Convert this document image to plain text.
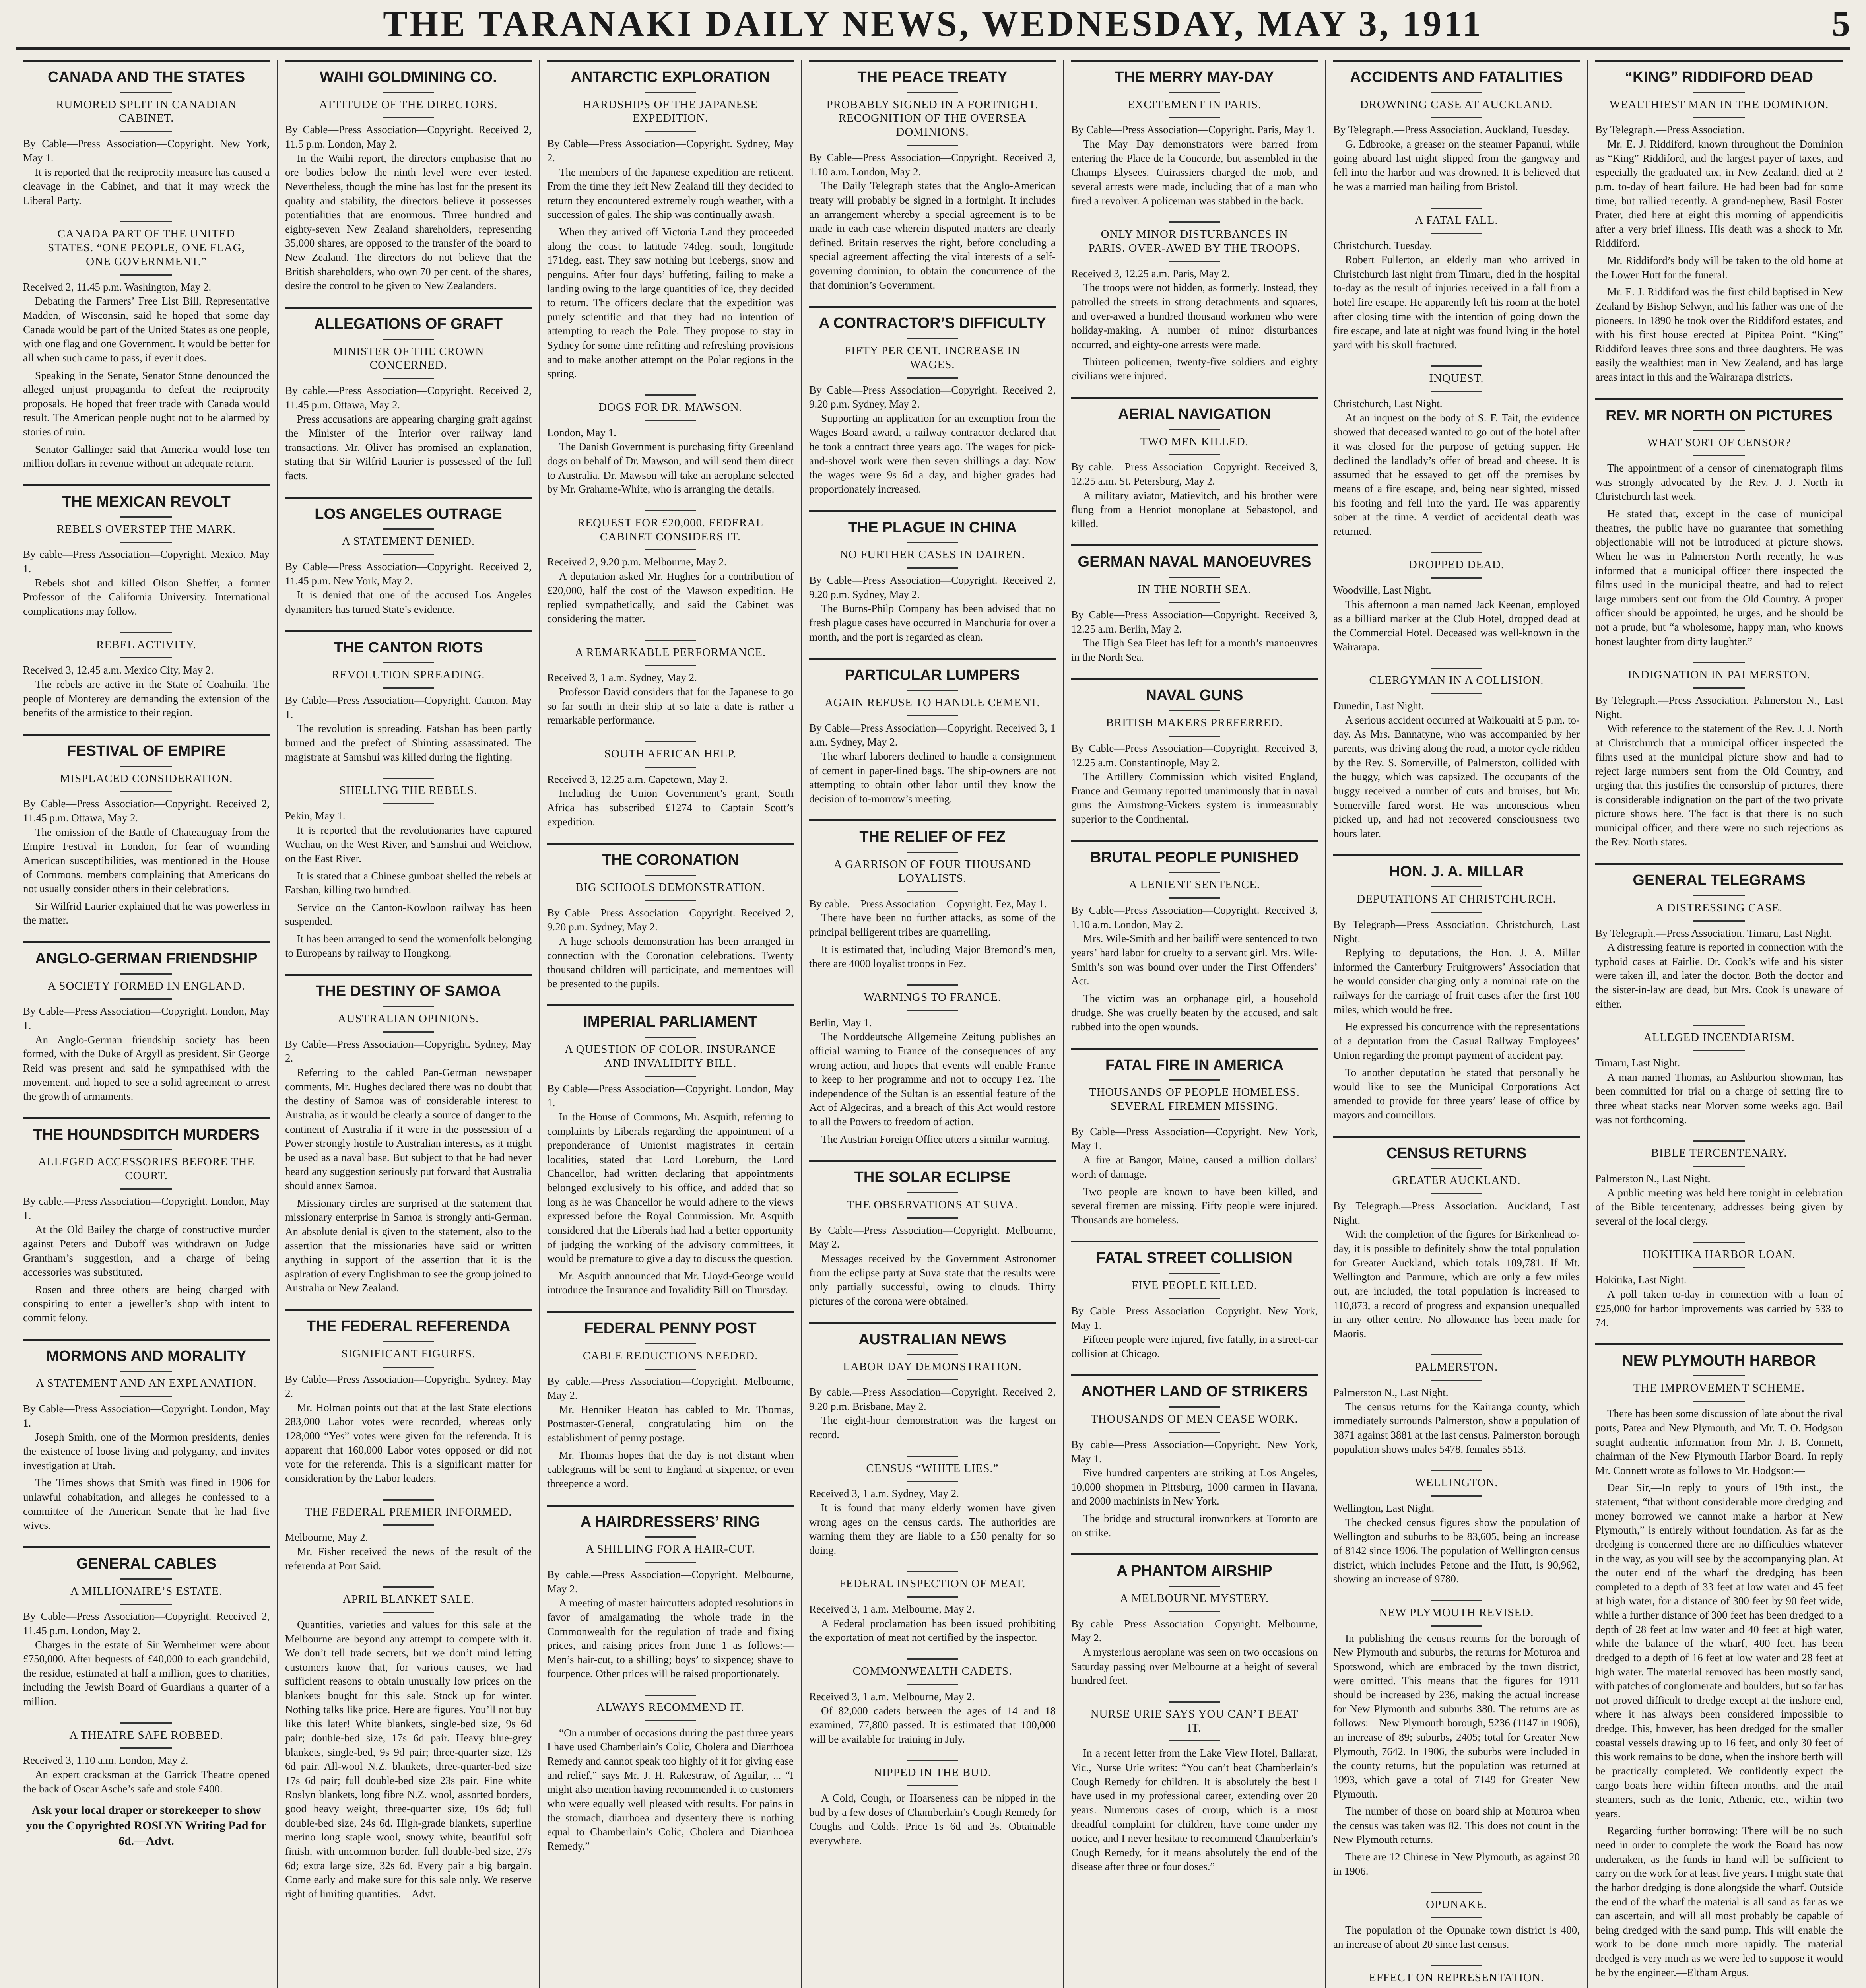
THE TARANAKI DAILY NEWS, WEDNESDAY, MAY 3, 1911	5
CANADA AND THE STATES
RUMORED SPLIT IN CANADIAN CABINET.
By Cable—Press Association—Copyright. New York, May 1.

It is reported that the reciprocity measure has caused a cleavage in the Cabinet, and that it may wreck the Liberal Party.

CANADA PART OF THE UNITED STATES. “ONE PEOPLE, ONE FLAG, ONE GOVERNMENT.”
Received 2, 11.45 p.m. Washington, May 2.

Debating the Farmers’ Free List Bill, Representative Madden, of Wisconsin, said he hoped that some day Canada would be part of the United States as one people, with one flag and one Government. It would be better for all when such came to pass, if ever it does.

Speaking in the Senate, Senator Stone denounced the alleged unjust propaganda to defeat the reciprocity proposals. He hoped that freer trade with Canada would result. The American people ought not to be alarmed by stories of ruin.

Senator Gallinger said that America would lose ten million dollars in revenue without an adequate return.

THE MEXICAN REVOLT
REBELS OVERSTEP THE MARK.
By cable—Press Association—Copyright. Mexico, May 1.

Rebels shot and killed Olson Sheffer, a former Professor of the California University. International complications may follow.

REBEL ACTIVITY.
Received 3, 12.45 a.m. Mexico City, May 2.

The rebels are active in the State of Coahuila. The people of Monterey are demanding the extension of the benefits of the armistice to their region.

FESTIVAL OF EMPIRE
MISPLACED CONSIDERATION.
By Cable—Press Association—Copyright. Received 2, 11.45 p.m. Ottawa, May 2.

The omission of the Battle of Chateauguay from the Empire Festival in London, for fear of wounding American susceptibilities, was mentioned in the House of Commons, members complaining that Americans do not usually consider others in their celebrations.

Sir Wilfrid Laurier explained that he was powerless in the matter.

ANGLO-GERMAN FRIENDSHIP
A SOCIETY FORMED IN ENGLAND.
By Cable—Press Association—Copyright. London, May 1.

An Anglo-German friendship society has been formed, with the Duke of Argyll as president. Sir George Reid was present and said he sympathised with the movement, and hoped to see a solid agreement to arrest the growth of armaments.

THE HOUNDSDITCH MURDERS
ALLEGED ACCESSORIES BEFORE THE COURT.
By cable.—Press Association—Copyright. London, May 1.

At the Old Bailey the charge of constructive murder against Peters and Duboff was withdrawn on Judge Grantham’s suggestion, and a charge of being accessories was substituted.

Rosen and three others are being charged with conspiring to enter a jeweller’s shop with intent to commit felony.

MORMONS AND MORALITY
A STATEMENT AND AN EXPLANATION.
By Cable—Press Association—Copyright. London, May 1.

Joseph Smith, one of the Mormon presidents, denies the existence of loose living and polygamy, and invites investigation at Utah.

The Times shows that Smith was fined in 1906 for unlawful cohabitation, and alleges he confessed to a committee of the American Senate that he had five wives.

GENERAL CABLES
A MILLIONAIRE’S ESTATE.
By Cable—Press Association—Copyright. Received 2, 11.45 p.m. London, May 2.

Charges in the estate of Sir Wernheimer were about £750,000. After bequests of £40,000 to each grandchild, the residue, estimated at half a million, goes to charities, including the Jewish Board of Guardians a quarter of a million.

A THEATRE SAFE ROBBED.
Received 3, 1.10 a.m. London, May 2.

An expert cracksman at the Garrick Theatre opened the back of Oscar Asche’s safe and stole £400.

Ask your local draper or storekeeper to show you the Copyrighted ROSLYN Writing Pad for 6d.—Advt.
WAIHI GOLDMINING CO.
ATTITUDE OF THE DIRECTORS.
By Cable—Press Association—Copyright. Received 2, 11.5 p.m. London, May 2.

In the Waihi report, the directors emphasise that no ore bodies below the ninth level were ever tested. Nevertheless, though the mine has lost for the present its quality and stability, the directors believe it possesses potentialities that are enormous. Three hundred and eighty-seven New Zealand shareholders, representing 35,000 shares, are opposed to the transfer of the board to New Zealand. The directors do not believe that the British shareholders, who own 70 per cent. of the shares, desire the control to be given to New Zealanders.

ALLEGATIONS OF GRAFT
MINISTER OF THE CROWN CONCERNED.
By cable.—Press Association—Copyright. Received 2, 11.45 p.m. Ottawa, May 2.

Press accusations are appearing charging graft against the Minister of the Interior over railway land transactions. Mr. Oliver has promised an explanation, stating that Sir Wilfrid Laurier is possessed of the full facts.

LOS ANGELES OUTRAGE
A STATEMENT DENIED.
By Cable—Press Association—Copyright. Received 2, 11.45 p.m. New York, May 2.

It is denied that one of the accused Los Angeles dynamiters has turned State’s evidence.

THE CANTON RIOTS
REVOLUTION SPREADING.
By Cable—Press Association—Copyright. Canton, May 1.

The revolution is spreading. Fatshan has been partly burned and the prefect of Shinting assassinated. The magistrate at Samshui was killed during the fighting.

SHELLING THE REBELS.
Pekin, May 1.

It is reported that the revolutionaries have captured Wuchau, on the West River, and Samshui and Weichow, on the East River.

It is stated that a Chinese gunboat shelled the rebels at Fatshan, killing two hundred.

Service on the Canton-Kowloon railway has been suspended.

It has been arranged to send the womenfolk belonging to Europeans by railway to Hongkong.

THE DESTINY OF SAMOA
AUSTRALIAN OPINIONS.
By Cable—Press Association—Copyright. Sydney, May 2.

Referring to the cabled Pan-German newspaper comments, Mr. Hughes declared there was no doubt that the destiny of Samoa was of considerable interest to Australia, as it would be clearly a source of danger to the continent of Australia if it were in the possession of a Power strongly hostile to Australian interests, as it might be used as a naval base. But subject to that he had never heard any suggestion seriously put forward that Australia should annex Samoa.

Missionary circles are surprised at the statement that missionary enterprise in Samoa is strongly anti-German. An absolute denial is given to the statement, also to the assertion that the missionaries have said or written anything in support of the assertion that it is the aspiration of every Englishman to see the group joined to Australia or New Zealand.

THE FEDERAL REFERENDA
SIGNIFICANT FIGURES.
By Cable—Press Association—Copyright. Sydney, May 2.

Mr. Holman points out that at the last State elections 283,000 Labor votes were recorded, whereas only 128,000 “Yes” votes were given for the referenda. It is apparent that 160,000 Labor votes opposed or did not vote for the referenda. This is a significant matter for consideration by the Labor leaders.

THE FEDERAL PREMIER INFORMED.
Melbourne, May 2.

Mr. Fisher received the news of the result of the referenda at Port Said.

APRIL BLANKET SALE.

Quantities, varieties and values for this sale at the Melbourne are beyond any attempt to compete with it. We don’t tell trade secrets, but we don’t mind letting customers know that, for various causes, we had sufficient reasons to obtain unusually low prices on the blankets bought for this sale. Stock up for winter. Nothing talks like price. Here are figures. You’ll not buy like this later! White blankets, single-bed size, 9s 6d pair; double-bed size, 17s 6d pair. Heavy blue-grey blankets, single-bed, 9s 9d pair; three-quarter size, 12s 6d pair. All-wool N.Z. blankets, three-quarter-bed size 17s 6d pair; full double-bed size 23s pair. Fine white Roslyn blankets, long fibre N.Z. wool, assorted borders, good heavy weight, three-quarter size, 19s 6d; full double-bed size, 24s 6d. High-grade blankets, superfine merino long staple wool, snowy white, beautiful soft finish, with uncommon border, full double-bed size, 27s 6d; extra large size, 32s 6d. Every pair a big bargain. Come early and make sure for this sale only. We reserve right of limiting quantities.—Advt.

ANTARCTIC EXPLORATION
HARDSHIPS OF THE JAPANESE EXPEDITION.
By Cable—Press Association—Copyright. Sydney, May 2.

The members of the Japanese expedition are reticent. From the time they left New Zealand till they decided to return they encountered extremely rough weather, with a succession of gales. The ship was continually awash.

When they arrived off Victoria Land they proceeded along the coast to latitude 74deg. south, longitude 171deg. east. They saw nothing but icebergs, snow and penguins. After four days’ buffeting, failing to make a landing owing to the large quantities of ice, they decided to return. The officers declare that the expedition was purely scientific and that they had no intention of attempting to reach the Pole. They propose to stay in Sydney for some time refitting and refreshing provisions and to make another attempt on the Polar regions in the spring.

DOGS FOR DR. MAWSON.
London, May 1.

The Danish Government is purchasing fifty Greenland dogs on behalf of Dr. Mawson, and will send them direct to Australia. Dr. Mawson will take an aeroplane selected by Mr. Grahame-White, who is arranging the details.

REQUEST FOR £20,000. FEDERAL CABINET CONSIDERS IT.
Received 2, 9.20 p.m. Melbourne, May 2.

A deputation asked Mr. Hughes for a contribution of £20,000, half the cost of the Mawson expedition. He replied sympathetically, and said the Cabinet was considering the matter.

A REMARKABLE PERFORMANCE.
Received 3, 1 a.m. Sydney, May 2.

Professor David considers that for the Japanese to go so far south in their ship at so late a date is rather a remarkable performance.

SOUTH AFRICAN HELP.
Received 3, 12.25 a.m. Capetown, May 2.

Including the Union Government’s grant, South Africa has subscribed £1274 to Captain Scott’s expedition.

THE CORONATION
BIG SCHOOLS DEMONSTRATION.
By Cable—Press Association—Copyright. Received 2, 9.20 p.m. Sydney, May 2.

A huge schools demonstration has been arranged in connection with the Coronation celebrations. Twenty thousand children will participate, and mementoes will be presented to the pupils.

IMPERIAL PARLIAMENT
A QUESTION OF COLOR. INSURANCE AND INVALIDITY BILL.
By Cable—Press Association—Copyright. London, May 1.

In the House of Commons, Mr. Asquith, referring to complaints by Liberals regarding the appointment of a preponderance of Unionist magistrates in certain localities, stated that Lord Loreburn, the Lord Chancellor, had written declaring that appointments belonged exclusively to his office, and added that so long as he was Chancellor he would adhere to the views expressed before the Royal Commission. Mr. Asquith considered that the Liberals had had a better opportunity of judging the working of the advisory committees, it would be premature to give a day to discuss the question.

Mr. Asquith announced that Mr. Lloyd-George would introduce the Insurance and Invalidity Bill on Thursday.

FEDERAL PENNY POST
CABLE REDUCTIONS NEEDED.
By cable.—Press Association—Copyright. Melbourne, May 2.

Mr. Henniker Heaton has cabled to Mr. Thomas, Postmaster-General, congratulating him on the establishment of penny postage.

Mr. Thomas hopes that the day is not distant when cablegrams will be sent to England at sixpence, or even threepence a word.

A HAIRDRESSERS’ RING
A SHILLING FOR A HAIR-CUT.
By cable.—Press Association—Copyright. Melbourne, May 2.

A meeting of master haircutters adopted resolutions in favor of amalgamating the whole trade in the Commonwealth for the regulation of trade and fixing prices, and raising prices from June 1 as follows:—Men’s hair-cut, to a shilling; boys’ to sixpence; shave to fourpence. Other prices will be raised proportionately.

ALWAYS RECOMMEND IT.

“On a number of occasions during the past three years I have used Chamberlain’s Colic, Cholera and Diarrhoea Remedy and cannot speak too highly of it for giving ease and relief,” says Mr. J. H. Rakestraw, of Aguilar, ... “I might also mention having recommended it to customers who were equally well pleased with results. For pains in the stomach, diarrhoea and dysentery there is nothing equal to Chamberlain’s Colic, Cholera and Diarrhoea Remedy.”

THE PEACE TREATY
PROBABLY SIGNED IN A FORTNIGHT. RECOGNITION OF THE OVERSEA DOMINIONS.
By Cable—Press Association—Copyright. Received 3, 1.10 a.m. London, May 2.

The Daily Telegraph states that the Anglo-American treaty will probably be signed in a fortnight. It includes an arrangement whereby a special agreement is to be made in each case wherein disputed matters are clearly defined. Britain reserves the right, before concluding a special agreement affecting the vital interests of a self-governing dominion, to obtain the concurrence of the that dominion’s Government.

A CONTRACTOR’S DIFFICULTY
FIFTY PER CENT. INCREASE IN WAGES.
By Cable—Press Association—Copyright. Received 2, 9.20 p.m. Sydney, May 2.

Supporting an application for an exemption from the Wages Board award, a railway contractor declared that he took a contract three years ago. The wages for pick-and-shovel work were then seven shillings a day. Now the wages were 9s 6d a day, and higher grades had proportionately increased.

THE PLAGUE IN CHINA
NO FURTHER CASES IN DAIREN.
By Cable—Press Association—Copyright. Received 2, 9.20 p.m. Sydney, May 2.

The Burns-Philp Company has been advised that no fresh plague cases have occurred in Manchuria for over a month, and the port is regarded as clean.

PARTICULAR LUMPERS
AGAIN REFUSE TO HANDLE CEMENT.
By Cable—Press Association—Copyright. Received 3, 1 a.m. Sydney, May 2.

The wharf laborers declined to handle a consignment of cement in paper-lined bags. The ship-owners are not attempting to obtain other labor until they know the decision of to-morrow’s meeting.

THE RELIEF OF FEZ
A GARRISON OF FOUR THOUSAND LOYALISTS.
By cable.—Press Association—Copyright. Fez, May 1.

There have been no further attacks, as some of the principal belligerent tribes are quarrelling.

It is estimated that, including Major Bremond’s men, there are 4000 loyalist troops in Fez.

WARNINGS TO FRANCE.
Berlin, May 1.

The Norddeutsche Allgemeine Zeitung publishes an official warning to France of the consequences of any wrong action, and hopes that events will enable France to keep to her programme and not to occupy Fez. The independence of the Sultan is an essential feature of the Act of Algeciras, and a breach of this Act would restore to all the Powers to freedom of action.

The Austrian Foreign Office utters a similar warning.

THE SOLAR ECLIPSE
THE OBSERVATIONS AT SUVA.
By Cable—Press Association—Copyright. Melbourne, May 2.

Messages received by the Government Astronomer from the eclipse party at Suva state that the results were only partially successful, owing to clouds. Thirty pictures of the corona were obtained.

AUSTRALIAN NEWS
LABOR DAY DEMONSTRATION.
By cable.—Press Association—Copyright. Received 2, 9.20 p.m. Brisbane, May 2.

The eight-hour demonstration was the largest on record.

CENSUS “WHITE LIES.”
Received 3, 1 a.m. Sydney, May 2.

It is found that many elderly women have given wrong ages on the census cards. The authorities are warning them they are liable to a £50 penalty for so doing.

FEDERAL INSPECTION OF MEAT.
Received 3, 1 a.m. Melbourne, May 2.

A Federal proclamation has been issued prohibiting the exportation of meat not certified by the inspector.

COMMONWEALTH CADETS.
Received 3, 1 a.m. Melbourne, May 2.

Of 82,000 cadets between the ages of 14 and 18 examined, 77,800 passed. It is estimated that 100,000 will be available for training in July.

NIPPED IN THE BUD.

A Cold, Cough, or Hoarseness can be nipped in the bud by a few doses of Chamberlain’s Cough Remedy for Coughs and Colds. Price 1s 6d and 3s. Obtainable everywhere.

THE MERRY MAY-DAY
EXCITEMENT IN PARIS.
By Cable—Press Association—Copyright. Paris, May 1.

The May Day demonstrators were barred from entering the Place de la Concorde, but assembled in the Champs Elysees. Cuirassiers charged the mob, and several arrests were made, including that of a man who fired a revolver. A policeman was stabbed in the back.

ONLY MINOR DISTURBANCES IN PARIS. OVER-AWED BY THE TROOPS.
Received 3, 12.25 a.m. Paris, May 2.

The troops were not hidden, as formerly. Instead, they patrolled the streets in strong detachments and squares, and over-awed a hundred thousand workmen who were holiday-making. A number of minor disturbances occurred, and eighty-one arrests were made.

Thirteen policemen, twenty-five soldiers and eighty civilians were injured.

AERIAL NAVIGATION
TWO MEN KILLED.
By cable.—Press Association—Copyright. Received 3, 12.25 a.m. St. Petersburg, May 2.

A military aviator, Matievitch, and his brother were flung from a Henriot monoplane at Sebastopol, and killed.

GERMAN NAVAL MANOEUVRES
IN THE NORTH SEA.
By Cable—Press Association—Copyright. Received 3, 12.25 a.m. Berlin, May 2.

The High Sea Fleet has left for a month’s manoeuvres in the North Sea.

NAVAL GUNS
BRITISH MAKERS PREFERRED.
By Cable—Press Association—Copyright. Received 3, 12.25 a.m. Constantinople, May 2.

The Artillery Commission which visited England, France and Germany reported unanimously that in naval guns the Armstrong-Vickers system is immeasurably superior to the Continental.

BRUTAL PEOPLE PUNISHED
A LENIENT SENTENCE.
By Cable—Press Association—Copyright. Received 3, 1.10 a.m. London, May 2.

Mrs. Wile-Smith and her bailiff were sentenced to two years’ hard labor for cruelty to a servant girl. Mrs. Wile-Smith’s son was bound over under the First Offenders’ Act.

The victim was an orphanage girl, a household drudge. She was cruelly beaten by the accused, and salt rubbed into the open wounds.

FATAL FIRE IN AMERICA
THOUSANDS OF PEOPLE HOMELESS. SEVERAL FIREMEN MISSING.
By Cable—Press Association—Copyright. New York, May 1.

A fire at Bangor, Maine, caused a million dollars’ worth of damage.

Two people are known to have been killed, and several firemen are missing. Fifty people were injured. Thousands are homeless.

FATAL STREET COLLISION
FIVE PEOPLE KILLED.
By Cable—Press Association—Copyright. New York, May 1.

Fifteen people were injured, five fatally, in a street-car collision at Chicago.

ANOTHER LAND OF STRIKERS
THOUSANDS OF MEN CEASE WORK.
By cable—Press Association—Copyright. New York, May 1.

Five hundred carpenters are striking at Los Angeles, 10,000 shopmen in Pittsburg, 1000 carmen in Havana, and 2000 machinists in New York.

The bridge and structural ironworkers at Toronto are on strike.

A PHANTOM AIRSHIP
A MELBOURNE MYSTERY.
By cable—Press Association—Copyright. Melbourne, May 2.

A mysterious aeroplane was seen on two occasions on Saturday passing over Melbourne at a height of several hundred feet.

NURSE URIE SAYS YOU CAN’T BEAT IT.

In a recent letter from the Lake View Hotel, Ballarat, Vic., Nurse Urie writes: “You can’t beat Chamberlain’s Cough Remedy for children. It is absolutely the best I have used in my professional career, extending over 20 years. Numerous cases of croup, which is a most dreadful complaint for children, have come under my notice, and I never hesitate to recommend Chamberlain’s Cough Remedy, for it means absolutely the end of the disease after three or four doses.”

ACCIDENTS AND FATALITIES
DROWNING CASE AT AUCKLAND.
By Telegraph.—Press Association. Auckland, Tuesday.

G. Edbrooke, a greaser on the steamer Papanui, while going aboard last night slipped from the gangway and fell into the harbor and was drowned. It is believed that he was a married man hailing from Bristol.

A FATAL FALL.
Christchurch, Tuesday.

Robert Fullerton, an elderly man who arrived in Christchurch last night from Timaru, died in the hospital to-day as the result of injuries received in a fall from a hotel fire escape. He apparently left his room at the hotel after closing time with the intention of going down the fire escape, and late at night was found lying in the hotel yard with his skull fractured.

INQUEST.
Christchurch, Last Night.

At an inquest on the body of S. F. Tait, the evidence showed that deceased wanted to go out of the hotel after it was closed for the purpose of getting supper. He declined the landlady’s offer of bread and cheese. It is assumed that he essayed to get off the premises by means of a fire escape, and, being near sighted, missed his footing and fell into the yard. He was apparently sober at the time. A verdict of accidental death was returned.

DROPPED DEAD.
Woodville, Last Night.

This afternoon a man named Jack Keenan, employed as a billiard marker at the Club Hotel, dropped dead at the Commercial Hotel. Deceased was well-known in the Wairarapa.

CLERGYMAN IN A COLLISION.
Dunedin, Last Night.

A serious accident occurred at Waikouaiti at 5 p.m. to-day. As Mrs. Bannatyne, who was accompanied by her parents, was driving along the road, a motor cycle ridden by the Rev. S. Somerville, of Palmerston, collided with the buggy, which was capsized. The occupants of the buggy received a number of cuts and bruises, but Mr. Somerville fared worst. He was unconscious when picked up, and had not recovered consciousness two hours later.

HON. J. A. MILLAR
DEPUTATIONS AT CHRISTCHURCH.
By Telegraph—Press Association. Christchurch, Last Night.

Replying to deputations, the Hon. J. A. Millar informed the Canterbury Fruitgrowers’ Association that he would consider charging only a nominal rate on the railways for the carriage of fruit cases after the first 100 miles, which would be free.

He expressed his concurrence with the representations of a deputation from the Casual Railway Employees’ Union regarding the prompt payment of accident pay.

To another deputation he stated that personally he would like to see the Municipal Corporations Act amended to provide for three years’ lease of office by mayors and councillors.

CENSUS RETURNS
GREATER AUCKLAND.
By Telegraph.—Press Association. Auckland, Last Night.

With the completion of the figures for Birkenhead to-day, it is possible to definitely show the total population for Greater Auckland, which totals 109,781. If Mt. Wellington and Panmure, which are only a few miles out, are included, the total population is increased to 110,873, a record of progress and expansion unequalled in any other centre. No allowance has been made for Maoris.

PALMERSTON.
Palmerston N., Last Night.

The census returns for the Kairanga county, which immediately surrounds Palmerston, show a population of 3871 against 3881 at the last census. Palmerston borough population shows males 5478, females 5513.

WELLINGTON.
Wellington, Last Night.

The checked census figures show the population of Wellington and suburbs to be 83,605, being an increase of 8142 since 1906. The population of Wellington census district, which includes Petone and the Hutt, is 90,962, showing an increase of 9780.

NEW PLYMOUTH REVISED.

In publishing the census returns for the borough of New Plymouth and suburbs, the returns for Moturoa and Spotswood, which are embraced by the town district, were omitted. This means that the figures for 1911 should be increased by 236, making the actual increase for New Plymouth and suburbs 380. The returns are as follows:—New Plymouth borough, 5236 (1147 in 1906), an increase of 89; suburbs, 2405; total for Greater New Plymouth, 7642. In 1906, the suburbs were included in the county returns, but the population was returned at 1993, which gave a total of 7149 for Greater New Plymouth.

The number of those on board ship at Moturoa when the census was taken was 82. This does not count in the New Plymouth returns.

There are 12 Chinese in New Plymouth, as against 20 in 1906.

OPUNAKE.

The population of the Opunake town district is 400, an increase of about 20 since last census.

EFFECT ON REPRESENTATION.

“KING” RIDDIFORD DEAD
WEALTHIEST MAN IN THE DOMINION.
By Telegraph.—Press Association.

Mr. E. J. Riddiford, known throughout the Dominion as “King” Riddiford, and the largest payer of taxes, and especially the graduated tax, in New Zealand, died at 2 p.m. to-day of heart failure. He had been bad for some time, but rallied recently. A grand-nephew, Basil Foster Prater, died here at eight this morning of appendicitis after a very brief illness. His death was a shock to Mr. Riddiford.

Mr. Riddiford’s body will be taken to the old home at the Lower Hutt for the funeral.

Mr. E. J. Riddiford was the first child baptised in New Zealand by Bishop Selwyn, and his father was one of the pioneers. In 1890 he took over the Riddiford estates, and with his first house erected at Pipitea Point. “King” Riddiford leaves three sons and three daughters. He was easily the wealthiest man in New Zealand, and has large areas intact in this and the Wairarapa districts.

REV. MR NORTH ON PICTURES
WHAT SORT OF CENSOR?

The appointment of a censor of cinematograph films was strongly advocated by the Rev. J. J. North in Christchurch last week.

He stated that, except in the case of municipal theatres, the public have no guarantee that something objectionable will not be introduced at picture shows. When he was in Palmerston North recently, he was informed that a municipal officer there inspected the films used in the municipal theatre, and had to reject large numbers sent out from the Old Country. A proper officer should be appointed, he urges, and he should be not a prude, but “a wholesome, happy man, who knows honest laughter from dirty laughter.”

INDIGNATION IN PALMERSTON.
By Telegraph.—Press Association. Palmerston N., Last Night.

With reference to the statement of the Rev. J. J. North at Christchurch that a municipal officer inspected the films used at the municipal picture show and had to reject large numbers sent from the Old Country, and urging that this justifies the censorship of pictures, there is considerable indignation on the part of the two private picture shows here. The fact is that there is no such municipal officer, and there were no such rejections as the Rev. North states.

GENERAL TELEGRAMS
A DISTRESSING CASE.
By Telegraph.—Press Association. Timaru, Last Night.

A distressing feature is reported in connection with the typhoid cases at Fairlie. Dr. Cook’s wife and his sister were taken ill, and later the doctor. Both the doctor and the sister-in-law are dead, but Mrs. Cook is unaware of either.

ALLEGED INCENDIARISM.
Timaru, Last Night.

A man named Thomas, an Ashburton showman, has been committed for trial on a charge of setting fire to three wheat stacks near Morven some weeks ago. Bail was not forthcoming.

BIBLE TERCENTENARY.
Palmerston N., Last Night.

A public meeting was held here tonight in celebration of the Bible tercentenary, addresses being given by several of the local clergy.

HOKITIKA HARBOR LOAN.
Hokitika, Last Night.

A poll taken to-day in connection with a loan of £25,000 for harbor improvements was carried by 533 to 74.

NEW PLYMOUTH HARBOR
THE IMPROVEMENT SCHEME.

There has been some discussion of late about the rival ports, Patea and New Plymouth, and Mr. T. O. Hodgson sought authentic information from Mr. J. B. Connett, chairman of the New Plymouth Harbor Board. In reply Mr. Connett wrote as follows to Mr. Hodgson:—

Dear Sir,—In reply to yours of 19th inst., the statement, “that without considerable more dredging and money borrowed we cannot make a harbor at New Plymouth,” is entirely without foundation. As far as the dredging is concerned there are no difficulties whatever in the way, as you will see by the accompanying plan. At the outer end of the wharf the dredging has been completed to a depth of 33 feet at low water and 45 feet at high water, for a distance of 300 feet by 90 feet wide, while a further distance of 300 feet has been dredged to a depth of 28 feet at low water and 40 feet at high water, while the balance of the wharf, 400 feet, has been dredged to a depth of 16 feet at low water and 28 feet at high water. The material removed has been mostly sand, with patches of conglomerate and boulders, but so far has not proved difficult to dredge except at the inshore end, where it has always been considered impossible to dredge. This, however, has been dredged for the smaller coastal vessels drawing up to 16 feet, and only 30 feet of this work remains to be done, when the inshore berth will be practically completed. We confidently expect the cargo boats here within fifteen months, and the mail steamers, such as the Ionic, Athenic, etc., within two years.

Regarding further borrowing: There will be no such need in order to complete the work the Board has now undertaken, as the funds in hand will be sufficient to carry on the work for at least five years. I might state that the harbor dredging is done alongside the wharf. Outside the end of the wharf the material is all sand as far as we can ascertain, and will all most probably be capable of being dredged with the sand pump. This will enable the work to be done much more rapidly. The material dredged is very much as we were led to suppose it would be by the engineer.—Eltham Argus.
